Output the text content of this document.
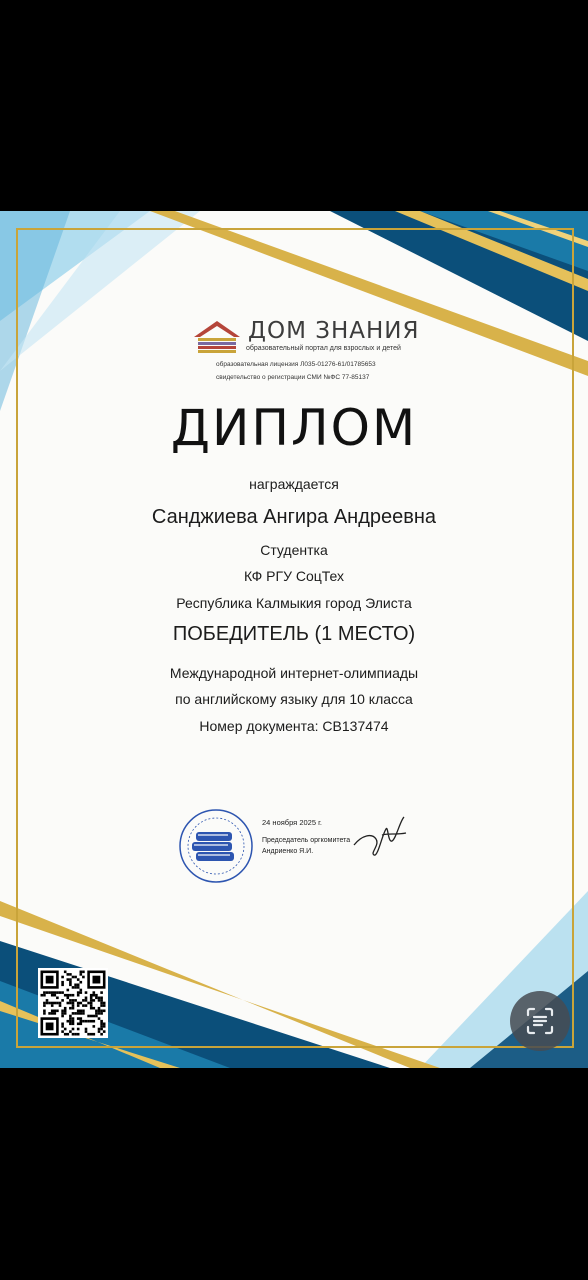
ДОМ ЗНАНИЯ
образовательный портал для взрослых и детей
образовательная лицензия Л035-01276-61/01785653
свидетельство о регистрации СМИ №ФС 77-85137
ДИПЛОМ
награждается
Санджиева Ангира Андреевна
Студентка
КФ РГУ СоцТех
Республика Калмыкия город Элиста
ПОБЕДИТЕЛЬ (1 МЕСТО)
Международной интернет-олимпиады
по английскому языку для 10 класса
Номер документа: СВ137474
24 ноября 2025 г.
Председатель оргкомитета
Андриенко Я.И.
